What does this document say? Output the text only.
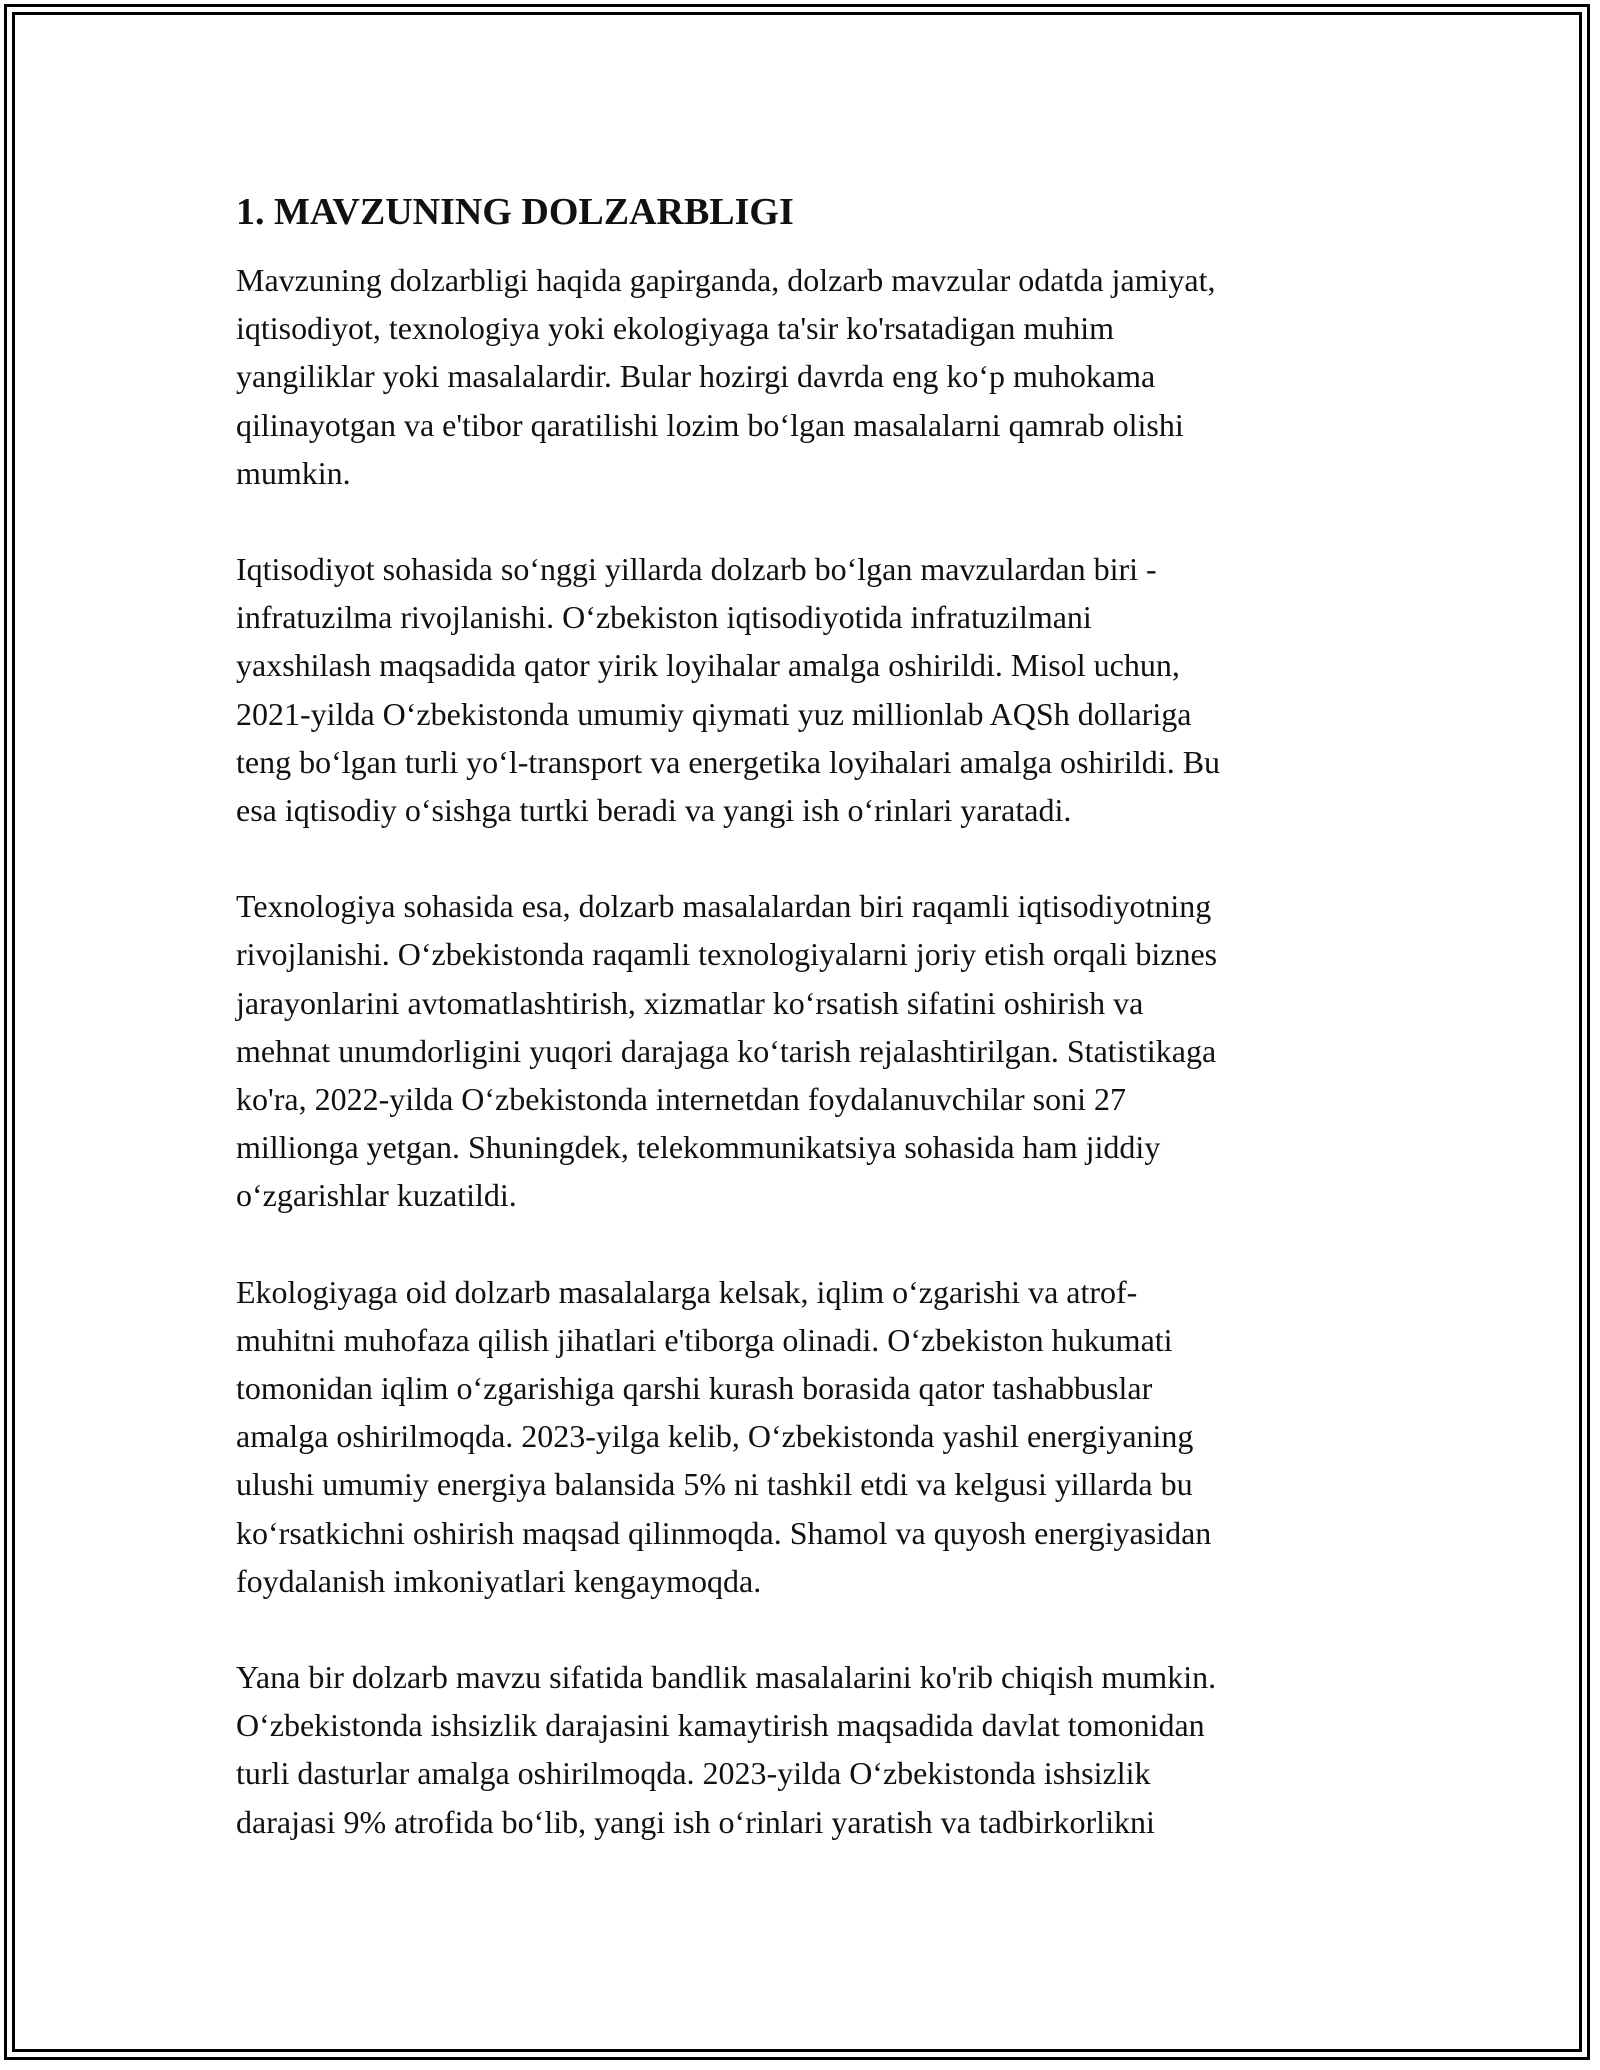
1. MAVZUNING DOLZARBLIGI
Mavzuning dolzarbligi haqida gapirganda, dolzarb mavzular odatda jamiyat,
iqtisodiyot, texnologiya yoki ekologiyaga ta'sir ko'rsatadigan muhim
yangiliklar yoki masalalardir. Bular hozirgi davrda eng koʻp muhokama
qilinayotgan va e'tibor qaratilishi lozim boʻlgan masalalarni qamrab olishi
mumkin.
Iqtisodiyot sohasida soʻnggi yillarda dolzarb boʻlgan mavzulardan biri -
infratuzilma rivojlanishi. Oʻzbekiston iqtisodiyotida infratuzilmani
yaxshilash maqsadida qator yirik loyihalar amalga oshirildi. Misol uchun,
2021-yilda Oʻzbekistonda umumiy qiymati yuz millionlab AQSh dollariga
teng boʻlgan turli yoʻl-transport va energetika loyihalari amalga oshirildi. Bu
esa iqtisodiy oʻsishga turtki beradi va yangi ish oʻrinlari yaratadi.
Texnologiya sohasida esa, dolzarb masalalardan biri raqamli iqtisodiyotning
rivojlanishi. Oʻzbekistonda raqamli texnologiyalarni joriy etish orqali biznes
jarayonlarini avtomatlashtirish, xizmatlar koʻrsatish sifatini oshirish va
mehnat unumdorligini yuqori darajaga koʻtarish rejalashtirilgan. Statistikaga
ko'ra, 2022-yilda Oʻzbekistonda internetdan foydalanuvchilar soni 27
millionga yetgan. Shuningdek, telekommunikatsiya sohasida ham jiddiy
oʻzgarishlar kuzatildi.
Ekologiyaga oid dolzarb masalalarga kelsak, iqlim oʻzgarishi va atrof-
muhitni muhofaza qilish jihatlari e'tiborga olinadi. Oʻzbekiston hukumati
tomonidan iqlim oʻzgarishiga qarshi kurash borasida qator tashabbuslar
amalga oshirilmoqda. 2023-yilga kelib, Oʻzbekistonda yashil energiyaning
ulushi umumiy energiya balansida 5% ni tashkil etdi va kelgusi yillarda bu
koʻrsatkichni oshirish maqsad qilinmoqda. Shamol va quyosh energiyasidan
foydalanish imkoniyatlari kengaymoqda.
Yana bir dolzarb mavzu sifatida bandlik masalalarini ko'rib chiqish mumkin.
Oʻzbekistonda ishsizlik darajasini kamaytirish maqsadida davlat tomonidan
turli dasturlar amalga oshirilmoqda. 2023-yilda Oʻzbekistonda ishsizlik
darajasi 9% atrofida boʻlib, yangi ish oʻrinlari yaratish va tadbirkorlikni
